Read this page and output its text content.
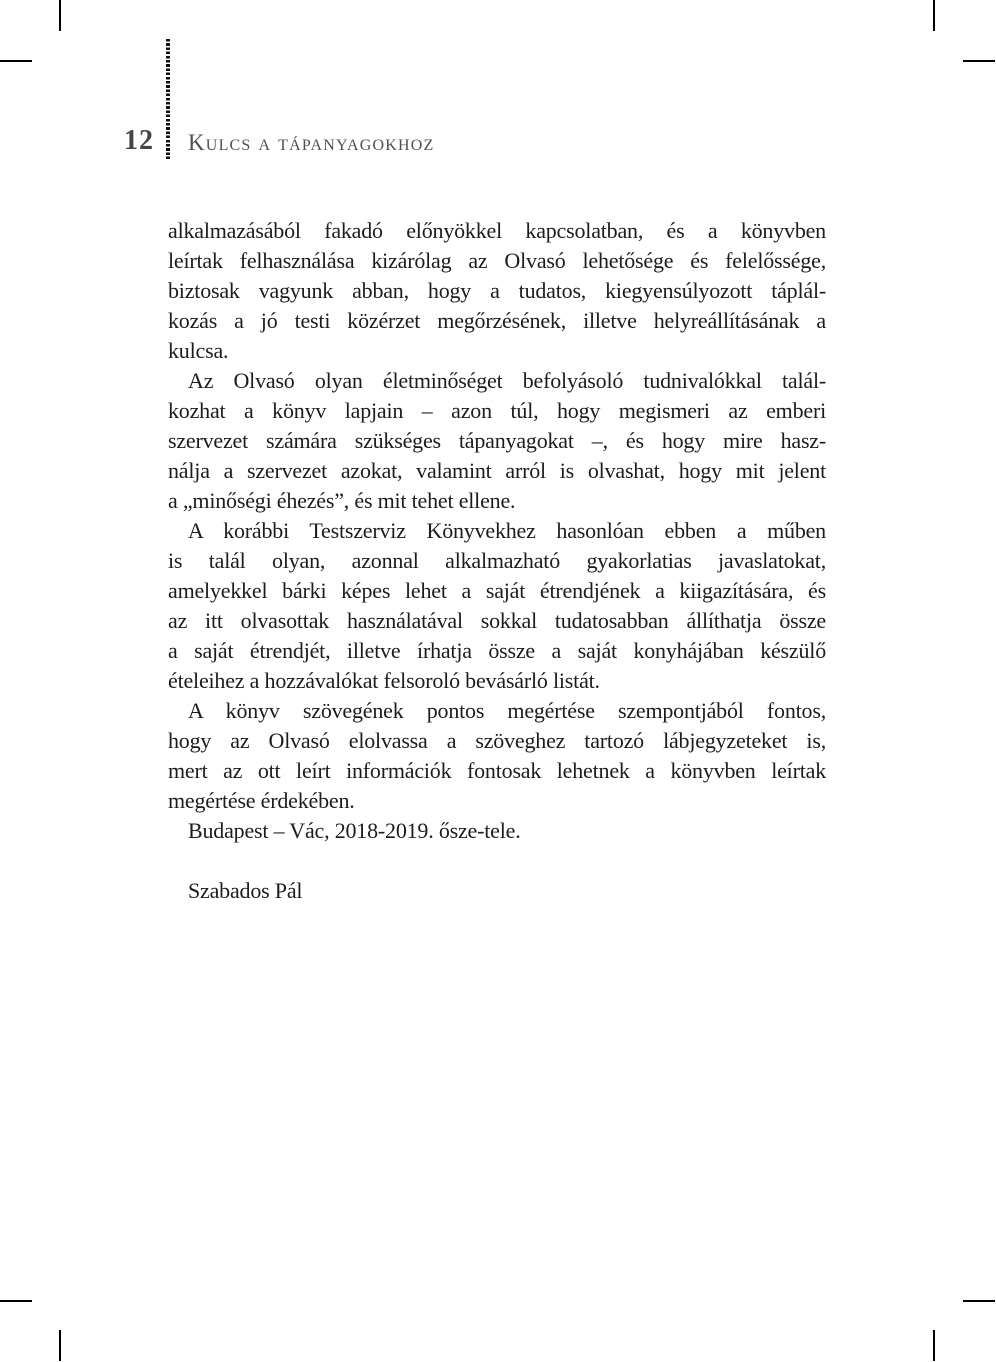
12 Kulcs a tápanyagokhoz
alkalmazásából fakadó előnyökkel kapcsolatban, és a könyvben
leírtak felhasználása kizárólag az Olvasó lehetősége és felelőssége,
biztosak vagyunk abban, hogy a tudatos, kiegyensúlyozott táplál-
kozás a jó testi közérzet megőrzésének, illetve helyreállításának a
kulcsa.
Az Olvasó olyan életminőséget befolyásoló tudnivalókkal talál-
kozhat a könyv lapjain – azon túl, hogy megismeri az emberi
szervezet számára szükséges tápanyagokat –, és hogy mire hasz-
nálja a szervezet azokat, valamint arról is olvashat, hogy mit jelent
a „minőségi éhezés”, és mit tehet ellene.
A korábbi Testszerviz Könyvekhez hasonlóan ebben a műben
is talál olyan, azonnal alkalmazható gyakorlatias javaslatokat,
amelyekkel bárki képes lehet a saját étrendjének a kiigazítására, és
az itt olvasottak használatával sokkal tudatosabban állíthatja össze
a saját étrendjét, illetve írhatja össze a saját konyhájában készülő
ételeihez a hozzávalókat felsoroló bevásárló listát.
A könyv szövegének pontos megértése szempontjából fontos,
hogy az Olvasó elolvassa a szöveghez tartozó lábjegyzeteket is,
mert az ott leírt információk fontosak lehetnek a könyvben leírtak
megértése érdekében.
Budapest – Vác, 2018-2019. ősze-tele.
Szabados Pál
